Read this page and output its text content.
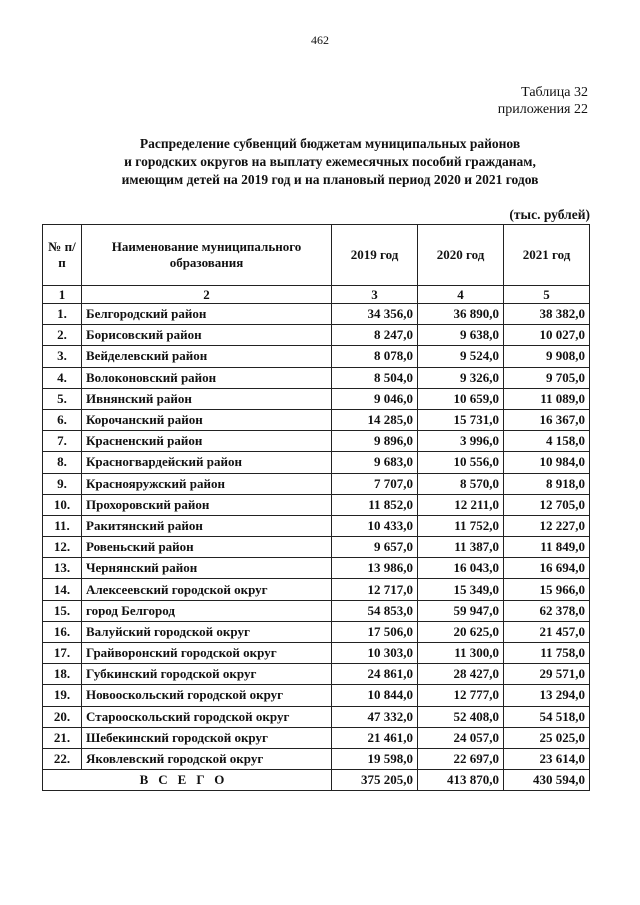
462
Таблица 32
приложения 22
Распределение субвенций бюджетам муниципальных районов
и городских округов на выплату ежемесячных пособий гражданам,
имеющим детей на 2019 год и на плановый период 2020 и 2021 годов
(тыс. рублей)
№ п/п	Наименование муниципального образования	2019 год	2020 год	2021 год
1	2	3	4	5
1.	Белгородский район	34 356,0	36 890,0	38 382,0
2.	Борисовский район	8 247,0	9 638,0	10 027,0
3.	Вейделевский район	8 078,0	9 524,0	9 908,0
4.	Волоконовский район	8 504,0	9 326,0	9 705,0
5.	Ивнянский район	9 046,0	10 659,0	11 089,0
6.	Корочанский район	14 285,0	15 731,0	16 367,0
7.	Красненский район	9 896,0	3 996,0	4 158,0
8.	Красногвардейский район	9 683,0	10 556,0	10 984,0
9.	Краснояружский район	7 707,0	8 570,0	8 918,0
10.	Прохоровский район	11 852,0	12 211,0	12 705,0
11.	Ракитянский район	10 433,0	11 752,0	12 227,0
12.	Ровеньский район	9 657,0	11 387,0	11 849,0
13.	Чернянский район	13 986,0	16 043,0	16 694,0
14.	Алексеевский городской округ	12 717,0	15 349,0	15 966,0
15.	город Белгород	54 853,0	59 947,0	62 378,0
16.	Валуйский городской округ	17 506,0	20 625,0	21 457,0
17.	Грайворонский городской округ	10 303,0	11 300,0	11 758,0
18.	Губкинский городской округ	24 861,0	28 427,0	29 571,0
19.	Новооскольский городской округ	10 844,0	12 777,0	13 294,0
20.	Старооскольский городской округ	47 332,0	52 408,0	54 518,0
21.	Шебекинский городской округ	21 461,0	24 057,0	25 025,0
22.	Яковлевский городской округ	19 598,0	22 697,0	23 614,0
ВСЕГО		375 205,0	413 870,0	430 594,0
